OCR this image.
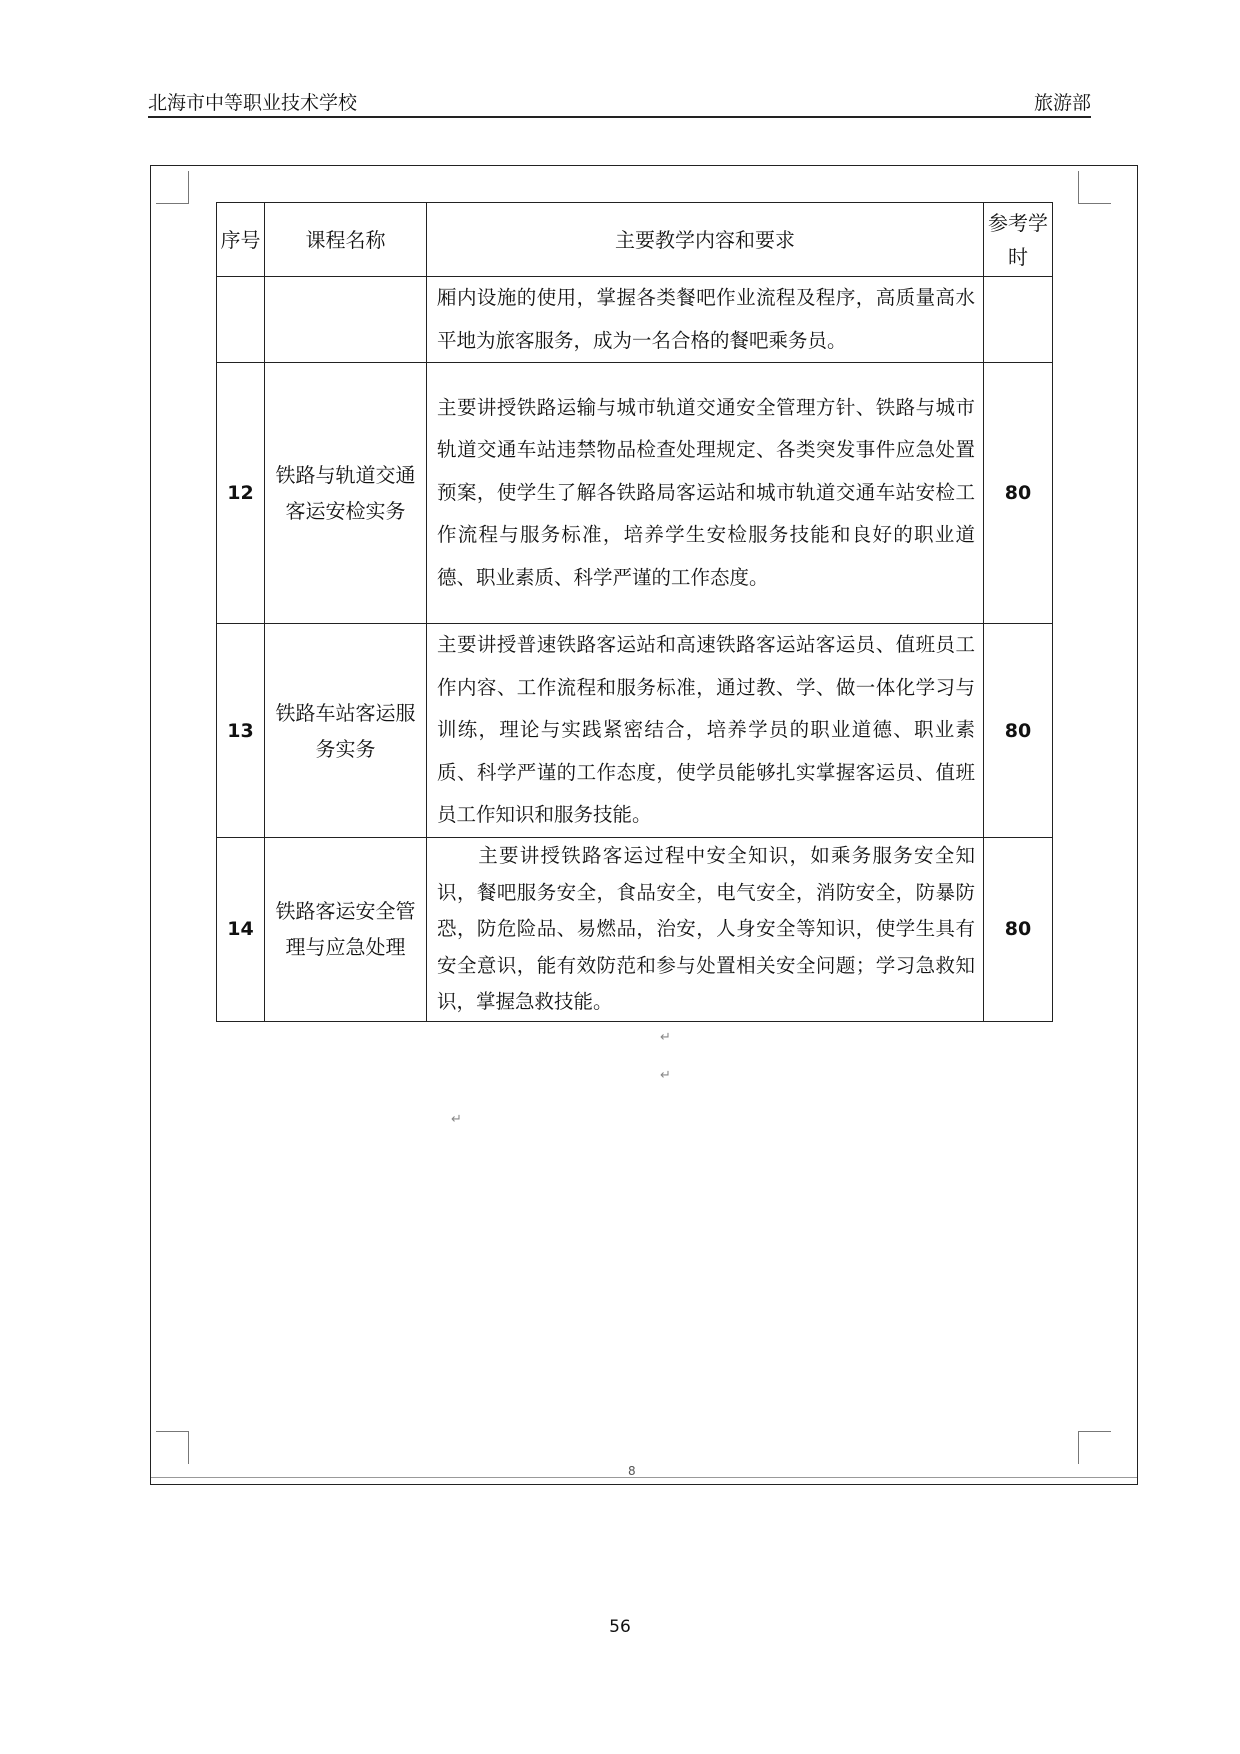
北海市中等职业技术学校	旅游部
8
序号	课程名称	主要教学内容和要求	参考学时
		厢内设施的使用，掌握各类餐吧作业流程及程序，高质量高水平地为旅客服务，成为一名合格的餐吧乘务员。	
12	铁路与轨道交通客运安检实务	主要讲授铁路运输与城市轨道交通安全管理方针、铁路与城市轨道交通车站违禁物品检查处理规定、各类突发事件应急处置预案，使学生了解各铁路局客运站和城市轨道交通车站安检工作流程与服务标准，培养学生安检服务技能和良好的职业道德、职业素质、科学严谨的工作态度。	80
13	铁路车站客运服务实务	主要讲授普速铁路客运站和高速铁路客运站客运员、值班员工作内容、工作流程和服务标准，通过教、学、做一体化学习与训练，理论与实践紧密结合，培养学员的职业道德、职业素质、科学严谨的工作态度，使学员能够扎实掌握客运员、值班员工作知识和服务技能。	80
14	铁路客运安全管理与应急处理	主要讲授铁路客运过程中安全知识，如乘务服务安全知识，餐吧服务安全，食品安全，电气安全，消防安全，防暴防恐，防危险品、易燃品，治安，人身安全等知识，使学生具有安全意识，能有效防范和参与处置相关安全问题；学习急救知识，掌握急救技能。	80
↵
↵
↵
56
